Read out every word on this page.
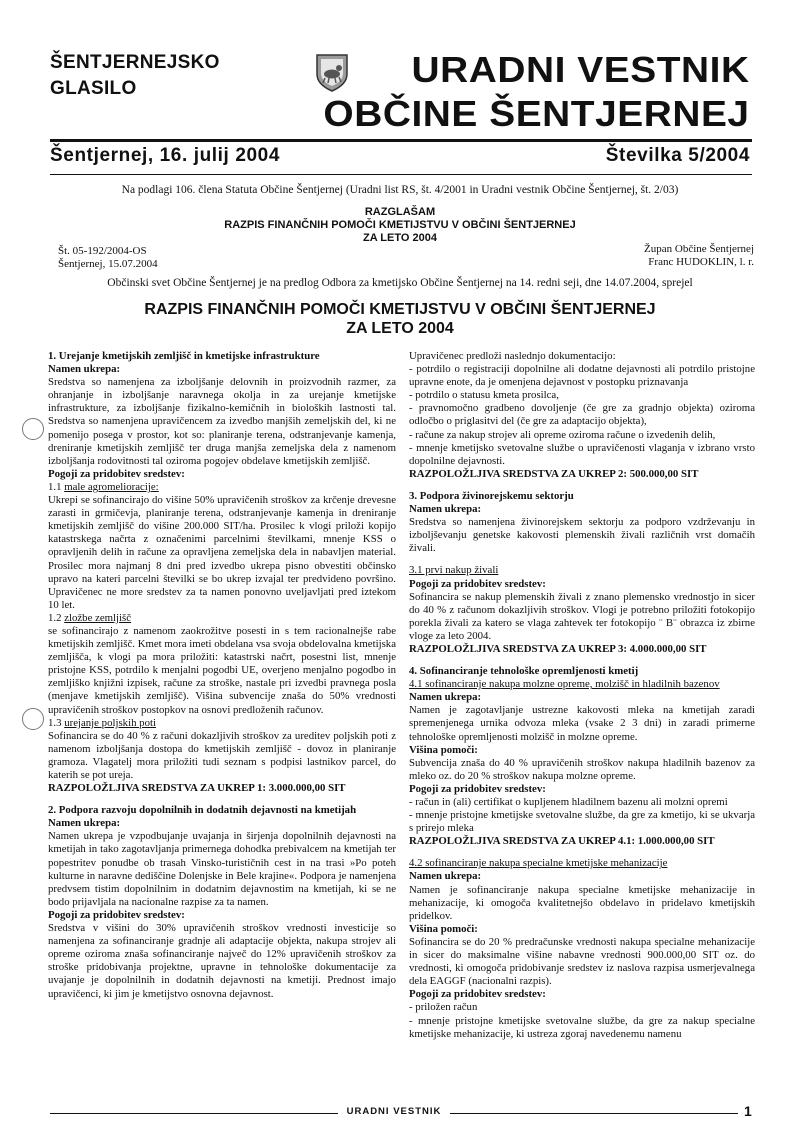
ŠENTJERNEJSKO
GLASILO	URADNI VESTNIK
OBČINE ŠENTJERNEJ
Šentjernej, 16. julij 2004	Številka 5/2004
Na podlagi 106. člena Statuta Občine Šentjernej (Uradni list RS, št. 4/2001 in Uradni vestnik Občine Šentjernej, št. 2/03)
RAZGLAŠAM
RAZPIS FINANČNIH POMOČI KMETIJSTVU V OBČINI ŠENTJERNEJ
ZA LETO 2004
Št. 05-192/2004-OS
Šentjernej, 15.07.2004
Župan Občine Šentjernej
Franc HUDOKLIN, l. r.
Občinski svet Občine Šentjernej je na predlog Odbora za kmetijsko Občine Šentjernej na 14. redni seji, dne 14.07.2004, sprejel
RAZPIS FINANČNIH POMOČI KMETIJSTVU V OBČINI ŠENTJERNEJ
ZA LETO 2004

1. Urejanje kmetijskih zemljišč in kmetijske infrastrukture

Namen ukrepa:

Sredstva so namenjena za izboljšanje delovnih in proizvodnih razmer, za ohranjanje in izboljšanje naravnega okolja in za urejanje kmetijske infrastrukture, za izboljšanje fizikalno-kemičnih in bioloških lastnosti tal. Sredstva so namenjena upravičencem za izvedbo manjših zemeljskih del, ki ne pomenijo posega v prostor, kot so: planiranje terena, odstranjevanje kamenja, dreniranje kmetijskih zemljišč ter druga manjša zemeljska dela z namenom izboljšanja rodovitnosti tal oziroma pogojev obdelave kmetijskih zemljišč.

Pogoji za pridobitev sredstev:

1.1 male agromelioracije:

Ukrepi se sofinancirajo do višine 50% upravičenih stroškov za krčenje drevesne zarasti in grmičevja, planiranje terena, odstranjevanje kamenja in dreniranje kmetijskih zemljišč do višine 200.000 SIT/ha. Prosilec k vlogi priloži kopijo katastrskega načrta z označenimi parcelnimi številkami, mnenje KSS o opravljenih delih in račune za opravljena zemeljska dela in nabavljen material. Prosilec mora najmanj 8 dni pred izvedbo ukrepa pisno obvestiti občinsko upravo na kateri parcelni številki se bo ukrep izvajal ter predvideno površino. Upravičenec ne more sredstev za ta namen ponovno uveljavljati pred iztekom 10 let.

1.2 zložbe zemljišč

se sofinancirajo z namenom zaokrožitve posesti in s tem racionalnejše rabe kmetijskih zemljišč. Kmet mora imeti obdelana vsa svoja obdelovalna kmetijska zemljišča, k vlogi pa mora priložiti: katastrski načrt, posestni list, mnenje pristojne KSS, potrdilo k menjalni pogodbi UE, overjeno menjalno pogodbo in zemljiško knjižni izpisek, račune za stroške, nastale pri izvedbi pravnega posla (menjave kmetijskih zemljišč). Višina subvencije znaša do 50% vrednosti upravičenih stroškov postopkov na osnovi predloženih računov.

1.3 urejanje poljskih poti

Sofinancira se do 40 % z računi dokazljivih stroškov za ureditev poljskih poti z namenom izboljšanja dostopa do kmetijskih zemljišč - dovoz in planiranje gramoza. Vlagatelj mora priložiti tudi seznam s podpisi lastnikov parcel, do katerih se pot ureja.

RAZPOLOŽLJIVA SREDSTVA ZA UKREP 1: 3.000.000,00 SIT

2. Podpora razvoju dopolnilnih in dodatnih dejavnosti na kmetijah

Namen ukrepa:

Namen ukrepa je vzpodbujanje uvajanja in širjenja dopolnilnih dejavnosti na kmetijah in tako zagotavljanja primernega dohodka prebivalcem na kmetijah ter popestritev ponudbe ob trasah Vinsko-turističnih cest in na trasi »Po poteh kulturne in naravne dediščine Dolenjske in Bele krajine«. Podpora je namenjena predvsem tistim dopolnilnim in dodatnim dejavnostim na kmetijah, ki se ne bodo prijavljala na nacionalne razpise za ta namen.

Pogoji za pridobitev sredstev:

Sredstva v višini do 30% upravičenih stroškov vrednosti investicije so namenjena za sofinanciranje gradnje ali adaptacije objekta, nakupa strojev ali opreme oziroma znaša sofinanciranje največ do 12% upravičenih stroškov za stroške pridobivanja projektne, upravne in tehnološke dokumentacije za uvajanje je dopolnilnih in dodatnih dejavnosti na kmetiji. Prednost imajo upravičenci, ki jim je kmetijstvo osnovna dejavnost.

Upravičenec predloži naslednjo dokumentacijo:

- potrdilo o registraciji dopolnilne ali dodatne dejavnosti ali potrdilo pristojne upravne enote, da je omenjena dejavnost v postopku priznavanja

- potrdilo o statusu kmeta prosilca,

- pravnomočno gradbeno dovoljenje (če gre za gradnjo objekta) oziroma odločbo o priglasitvi del (če gre za adaptacijo objekta),

- račune za nakup strojev ali opreme oziroma račune o izvedenih delih,

- mnenje kmetijsko svetovalne službe o upravičenosti vlaganja v izbrano vrsto dopolnilne dejavnosti.

RAZPOLOŽLJIVA SREDSTVA ZA UKREP 2: 500.000,00 SIT

3. Podpora živinorejskemu sektorju

Namen ukrepa:

Sredstva so namenjena živinorejskem sektorju za podporo vzdrževanju in izboljševanju genetske kakovosti plemenskih živali različnih vrst domačih živali.

3.1 prvi nakup živali

Pogoji za pridobitev sredstev:

Sofinancira se nakup plemenskih živali z znano plemensko vrednostjo in sicer do 40 % z računom dokazljivih stroškov. Vlogi je potrebno priložiti fotokopijo porekla živali za katero se vlaga zahtevek ter fotokopijo ¨ B¨ obrazca iz zbirne vloge za leto 2004.

RAZPOLOŽLJIVA SREDSTVA ZA UKREP 3: 4.000.000,00 SIT

4. Sofinanciranje tehnološke opremljenosti kmetij

4.1 sofinanciranje nakupa molzne opreme, molzišč in hladilnih bazenov

Namen ukrepa:

Namen je zagotavljanje ustrezne kakovosti mleka na kmetijah zaradi spremenjenega urnika odvoza mleka (vsake 2 3 dni) in zaradi primerne tehnološke opremljenosti molzišč in molzne opreme.

Višina pomoči:

Subvencija znaša do 40 % upravičenih stroškov nakupa hladilnih bazenov za mleko oz. do 20 % stroškov nakupa molzne opreme.

Pogoji za pridobitev sredstev:

- račun in (ali) certifikat o kupljenem hladilnem bazenu ali molzni opremi

- mnenje pristojne kmetijske svetovalne službe, da gre za kmetijo, ki se ukvarja s prirejo mleka

RAZPOLOŽLJIVA SREDSTVA ZA UKREP 4.1: 1.000.000,00 SIT

4.2 sofinanciranje nakupa specialne kmetijske mehanizacije

Namen ukrepa:

Namen je sofinanciranje nakupa specialne kmetijske mehanizacije in mehanizacije, ki omogoča kvalitetnejšo obdelavo in pridelavo kmetijskih pridelkov.

Višina pomoči:

Sofinancira se do 20 % predračunske vrednosti nakupa specialne mehanizacije in sicer do maksimalne višine nabavne vrednosti 900.000,00 SIT oz. do vrednosti, ki omogoča pridobivanje sredstev iz naslova razpisa usmerjevalnega dela EAGGF (nacionalni razpis).

Pogoji za pridobitev sredstev:

- priložen račun

- mnenje pristojne kmetijske svetovalne službe, da gre za nakup specialne kmetijske mehanizacije, ki ustreza zgoraj navedenemu namenu

URADNI VESTNIK	1
